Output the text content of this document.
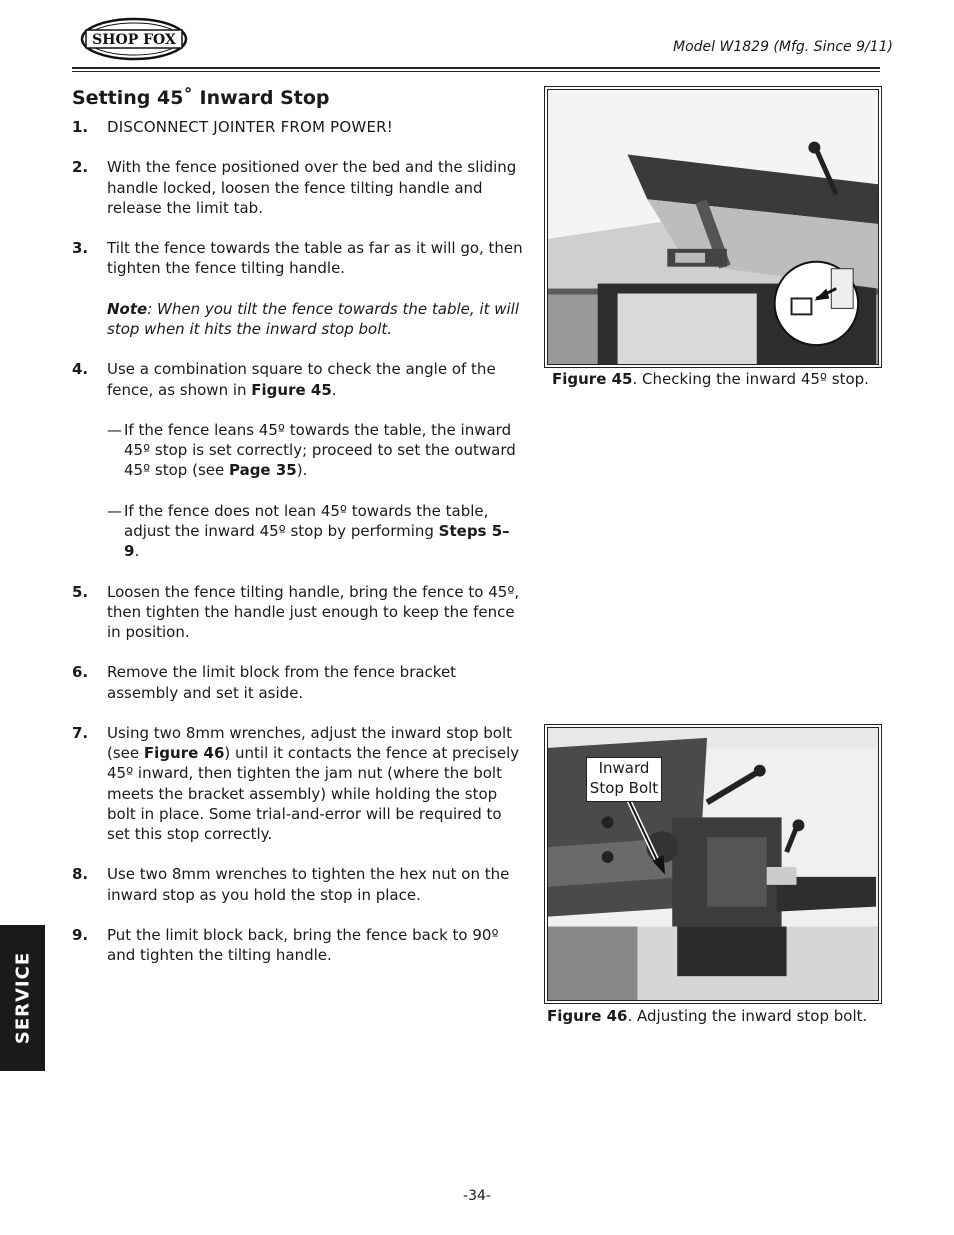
SHOP FOX	Model W1829 (Mfg. Since 9/11)
Setting 45˚ Inward Stop
1. DISCONNECT JOINTER FROM POWER!
2. With the fence positioned over the bed and the sliding handle locked, loosen the fence tilting handle and release the limit tab.
3. Tilt the fence towards the table as far as it will go, then tighten the fence tilting handle.
Note: When you tilt the fence towards the table, it will stop when it hits the inward stop bolt.
4. Use a combination square to check the angle of the fence, as shown in Figure 45.
— If the fence leans 45º towards the table, the inward 45º stop is set correctly; proceed to set the outward 45º stop (see Page 35).
— If the fence does not lean 45º towards the table, adjust the inward 45º stop by performing Steps 5–9.
5. Loosen the fence tilting handle, bring the fence to 45º, then tighten the handle just enough to keep the fence in position.
6. Remove the limit block from the fence bracket assembly and set it aside.
7. Using two 8mm wrenches, adjust the inward stop bolt (see Figure 46) until it contacts the fence at precisely 45º inward, then tighten the jam nut (where the bolt meets the bracket assembly) while holding the stop bolt in place. Some trial-and-error will be required to set this stop correctly.
8. Use two 8mm wrenches to tighten the hex nut on the inward stop as you hold the stop in place.
9. Put the limit block back, bring the fence back to 90º and tighten the tilting handle.
Figure 45. Checking the inward 45º stop.
Inward Stop Bolt
Figure 46. Adjusting the inward stop bolt.
SERVICE
-34-
